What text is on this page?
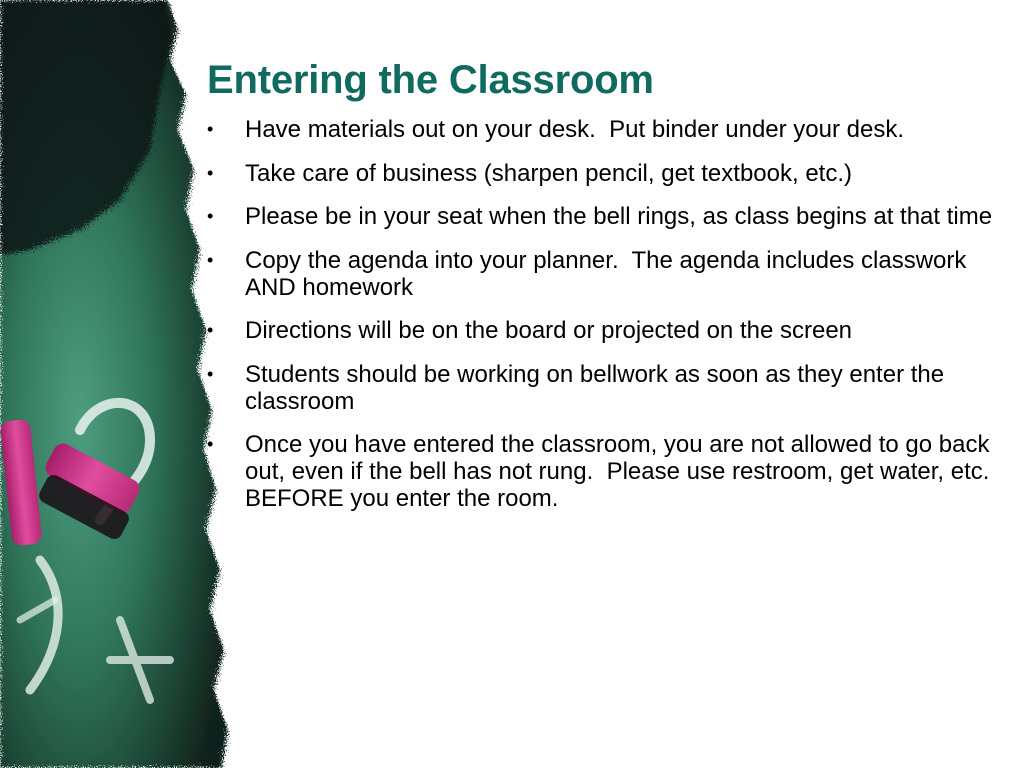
Entering the Classroom
• Have materials out on your desk.  Put binder under your desk.
• Take care of business (sharpen pencil, get textbook, etc.)
• Please be in your seat when the bell rings, as class begins at that time
• Copy the agenda into your planner.  The agenda includes classwork AND homework
• Directions will be on the board or projected on the screen
• Students should be working on bellwork as soon as they enter the classroom
• Once you have entered the classroom, you are not allowed to go back out, even if the bell has not rung.  Please use restroom, get water, etc. BEFORE you enter the room.
